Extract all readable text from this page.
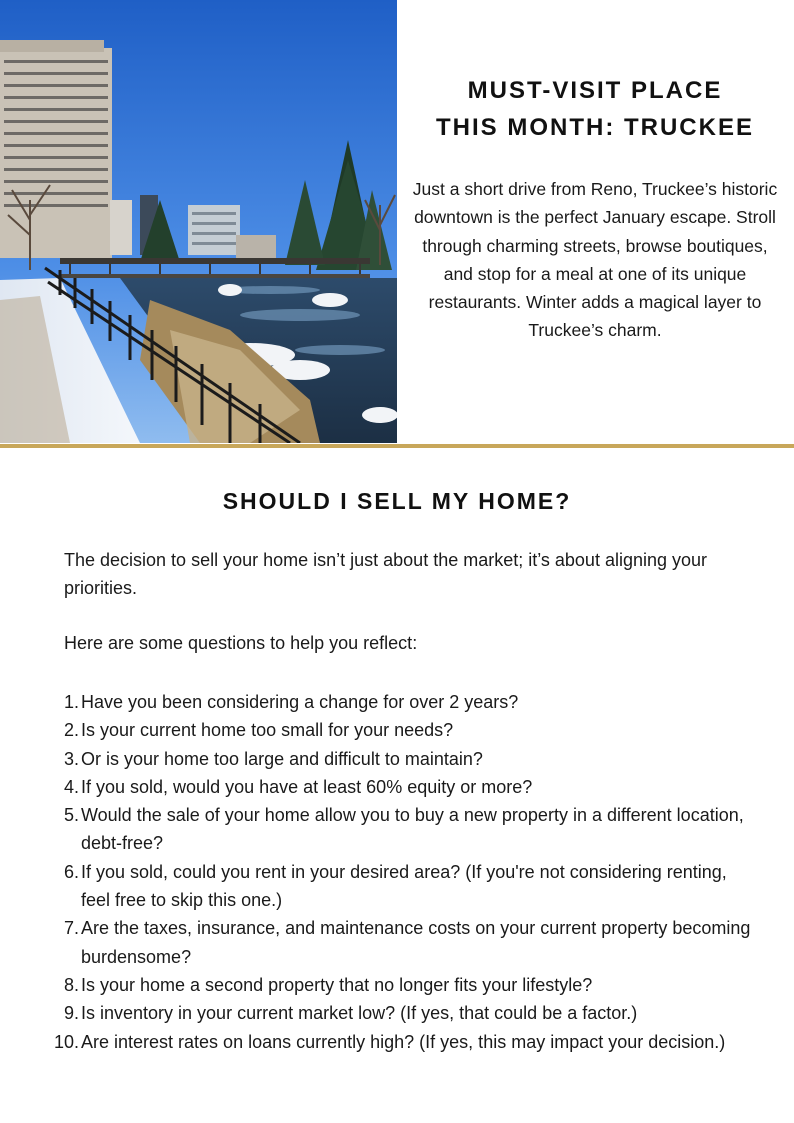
MUST-VISIT PLACE
THIS MONTH: TRUCKEE

Just a short drive from Reno, Truckee’s historic downtown is the perfect January escape. Stroll through charming streets, browse boutiques, and stop for a meal at one of its unique restaurants. Winter adds a magical layer to Truckee’s charm.

SHOULD I SELL MY HOME?

The decision to sell your home isn’t just about the market; it’s about aligning your priorities.

Here are some questions to help you reflect:

1. Have you been considering a change for over 2 years?
2. Is your current home too small for your needs?
3. Or is your home too large and difficult to maintain?
4. If you sold, would you have at least 60% equity or more?
5. Would the sale of your home allow you to buy a new property in a different location, debt-free?
6. If you sold, could you rent in your desired area? (If you're not considering renting, feel free to skip this one.)
7. Are the taxes, insurance, and maintenance costs on your current property becoming burdensome?
8. Is your home a second property that no longer fits your lifestyle?
9. Is inventory in your current market low? (If yes, that could be a factor.)
10. Are interest rates on loans currently high? (If yes, this may impact your decision.)
